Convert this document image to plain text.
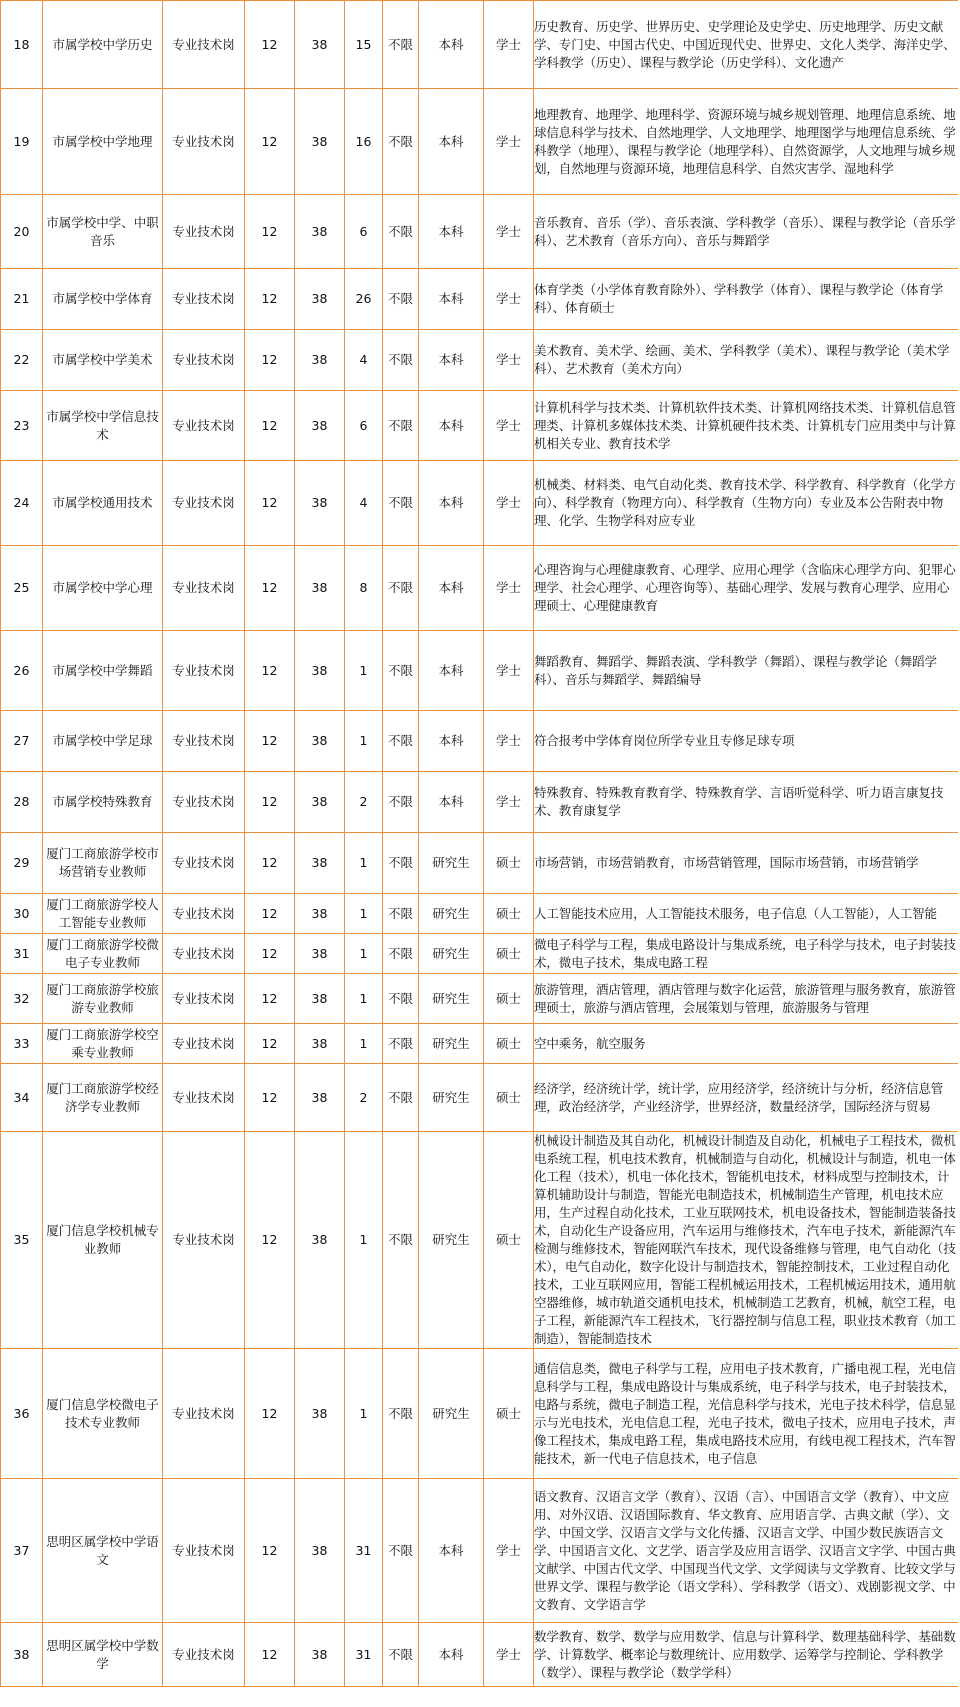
18	市属学校中学历史	专业技术岗	12	38	15	不限	本科	学士	历史教育、历史学、世界历史、史学理论及史学史、历史地理学、历史文献学、专门史、中国古代史、中国近现代史、世界史、文化人类学、海洋史学、学科教学（历史）、课程与教学论（历史学科）、文化遗产
19	市属学校中学地理	专业技术岗	12	38	16	不限	本科	学士	地理教育、地理学、地理科学、资源环境与城乡规划管理、地理信息系统、地球信息科学与技术、自然地理学、人文地理学、地理图学与地理信息系统、学科教学（地理）、课程与教学论（地理学科）、自然资源学，人文地理与城乡规划，自然地理与资源环境，地理信息科学、自然灾害学、湿地科学
20	市属学校中学、中职音乐	专业技术岗	12	38	6	不限	本科	学士	音乐教育、音乐（学）、音乐表演、学科教学（音乐）、课程与教学论（音乐学科）、艺术教育（音乐方向）、音乐与舞蹈学
21	市属学校中学体育	专业技术岗	12	38	26	不限	本科	学士	体育学类（小学体育教育除外）、学科教学（体育）、课程与教学论（体育学科）、体育硕士
22	市属学校中学美术	专业技术岗	12	38	4	不限	本科	学士	美术教育、美术学、绘画、美术、学科教学（美术）、课程与教学论（美术学科）、艺术教育（美术方向）
23	市属学校中学信息技术	专业技术岗	12	38	6	不限	本科	学士	计算机科学与技术类、计算机软件技术类、计算机网络技术类、计算机信息管理类、计算机多媒体技术类、计算机硬件技术类、计算机专门应用类中与计算机相关专业、教育技术学
24	市属学校通用技术	专业技术岗	12	38	4	不限	本科	学士	机械类、材料类、电气自动化类、教育技术学、科学教育、科学教育（化学方向）、科学教育（物理方向）、科学教育（生物方向）专业及本公告附表中物理、化学、生物学科对应专业
25	市属学校中学心理	专业技术岗	12	38	8	不限	本科	学士	心理咨询与心理健康教育、心理学、应用心理学（含临床心理学方向、犯罪心理学、社会心理学、心理咨询等）、基础心理学、发展与教育心理学、应用心理硕士、心理健康教育
26	市属学校中学舞蹈	专业技术岗	12	38	1	不限	本科	学士	舞蹈教育、舞蹈学、舞蹈表演、学科教学（舞蹈）、课程与教学论（舞蹈学科）、音乐与舞蹈学、舞蹈编导
27	市属学校中学足球	专业技术岗	12	38	1	不限	本科	学士	符合报考中学体育岗位所学专业且专修足球专项
28	市属学校特殊教育	专业技术岗	12	38	2	不限	本科	学士	特殊教育、特殊教育教育学、特殊教育学、言语听觉科学、听力语言康复技术、教育康复学
29	厦门工商旅游学校市场营销专业教师	专业技术岗	12	38	1	不限	研究生	硕士	市场营销，市场营销教育，市场营销管理，国际市场营销，市场营销学
30	厦门工商旅游学校人工智能专业教师	专业技术岗	12	38	1	不限	研究生	硕士	人工智能技术应用，人工智能技术服务，电子信息（人工智能），人工智能
31	厦门工商旅游学校微电子专业教师	专业技术岗	12	38	1	不限	研究生	硕士	微电子科学与工程，集成电路设计与集成系统，电子科学与技术，电子封装技术，微电子技术，集成电路工程
32	厦门工商旅游学校旅游专业教师	专业技术岗	12	38	1	不限	研究生	硕士	旅游管理，酒店管理，酒店管理与数字化运营，旅游管理与服务教育，旅游管理硕士，旅游与酒店管理，会展策划与管理，旅游服务与管理
33	厦门工商旅游学校空乘专业教师	专业技术岗	12	38	1	不限	研究生	硕士	空中乘务，航空服务
34	厦门工商旅游学校经济学专业教师	专业技术岗	12	38	2	不限	研究生	硕士	经济学，经济统计学，统计学，应用经济学，经济统计与分析，经济信息管理，政治经济学，产业经济学，世界经济，数量经济学，国际经济与贸易
35	厦门信息学校机械专业教师	专业技术岗	12	38	1	不限	研究生	硕士	机械设计制造及其自动化，机械设计制造及自动化，机械电子工程技术，微机电系统工程，机电技术教育，机械制造与自动化，机械设计与制造，机电一体化工程（技术），机电一体化技术，智能机电技术，材料成型与控制技术，计算机辅助设计与制造，智能光电制造技术，机械制造生产管理，机电技术应用，生产过程自动化技术，工业互联网技术，机电设备技术，智能制造装备技术，自动化生产设备应用，汽车运用与维修技术，汽车电子技术，新能源汽车检测与维修技术，智能网联汽车技术，现代设备维修与管理，电气自动化（技术），电气自动化，数字化设计与制造技术，智能控制技术，工业过程自动化技术，工业互联网应用，智能工程机械运用技术，工程机械运用技术，通用航空器维修，城市轨道交通机电技术，机械制造工艺教育，机械，航空工程，电子工程，新能源汽车工程技术，飞行器控制与信息工程，职业技术教育（加工制造），智能制造技术
36	厦门信息学校微电子技术专业教师	专业技术岗	12	38	1	不限	研究生	硕士	通信信息类，微电子科学与工程，应用电子技术教育，广播电视工程，光电信息科学与工程，集成电路设计与集成系统，电子科学与技术，电子封装技术，电路与系统，微电子制造工程，光信息科学与技术，光电子技术科学，信息显示与光电技术，光电信息工程，光电子技术，微电子技术，应用电子技术，声像工程技术，集成电路工程，集成电路技术应用，有线电视工程技术，汽车智能技术，新一代电子信息技术，电子信息
37	思明区属学校中学语文	专业技术岗	12	38	31	不限	本科	学士	语文教育、汉语言文学（教育）、汉语（言）、中国语言文学（教育）、中文应用、对外汉语、汉语国际教育、华文教育、应用语言学、古典文献（学）、文学、中国文学、汉语言文学与文化传播、汉语言文学、中国少数民族语言文学、中国语言文化、文艺学、语言学及应用言语学、汉语言文字学、中国古典文献学、中国古代文学、中国现当代文学、文学阅读与文学教育、比较文学与世界文学、课程与教学论（语文学科）、学科教学（语文）、戏剧影视文学、中文教育、文学语言学
38	思明区属学校中学数学	专业技术岗	12	38	31	不限	本科	学士	数学教育、数学、数学与应用数学、信息与计算科学、数理基础科学、基础数学、计算数学、概率论与数理统计、应用数学、运筹学与控制论、学科教学（数学）、课程与教学论（数学学科）
